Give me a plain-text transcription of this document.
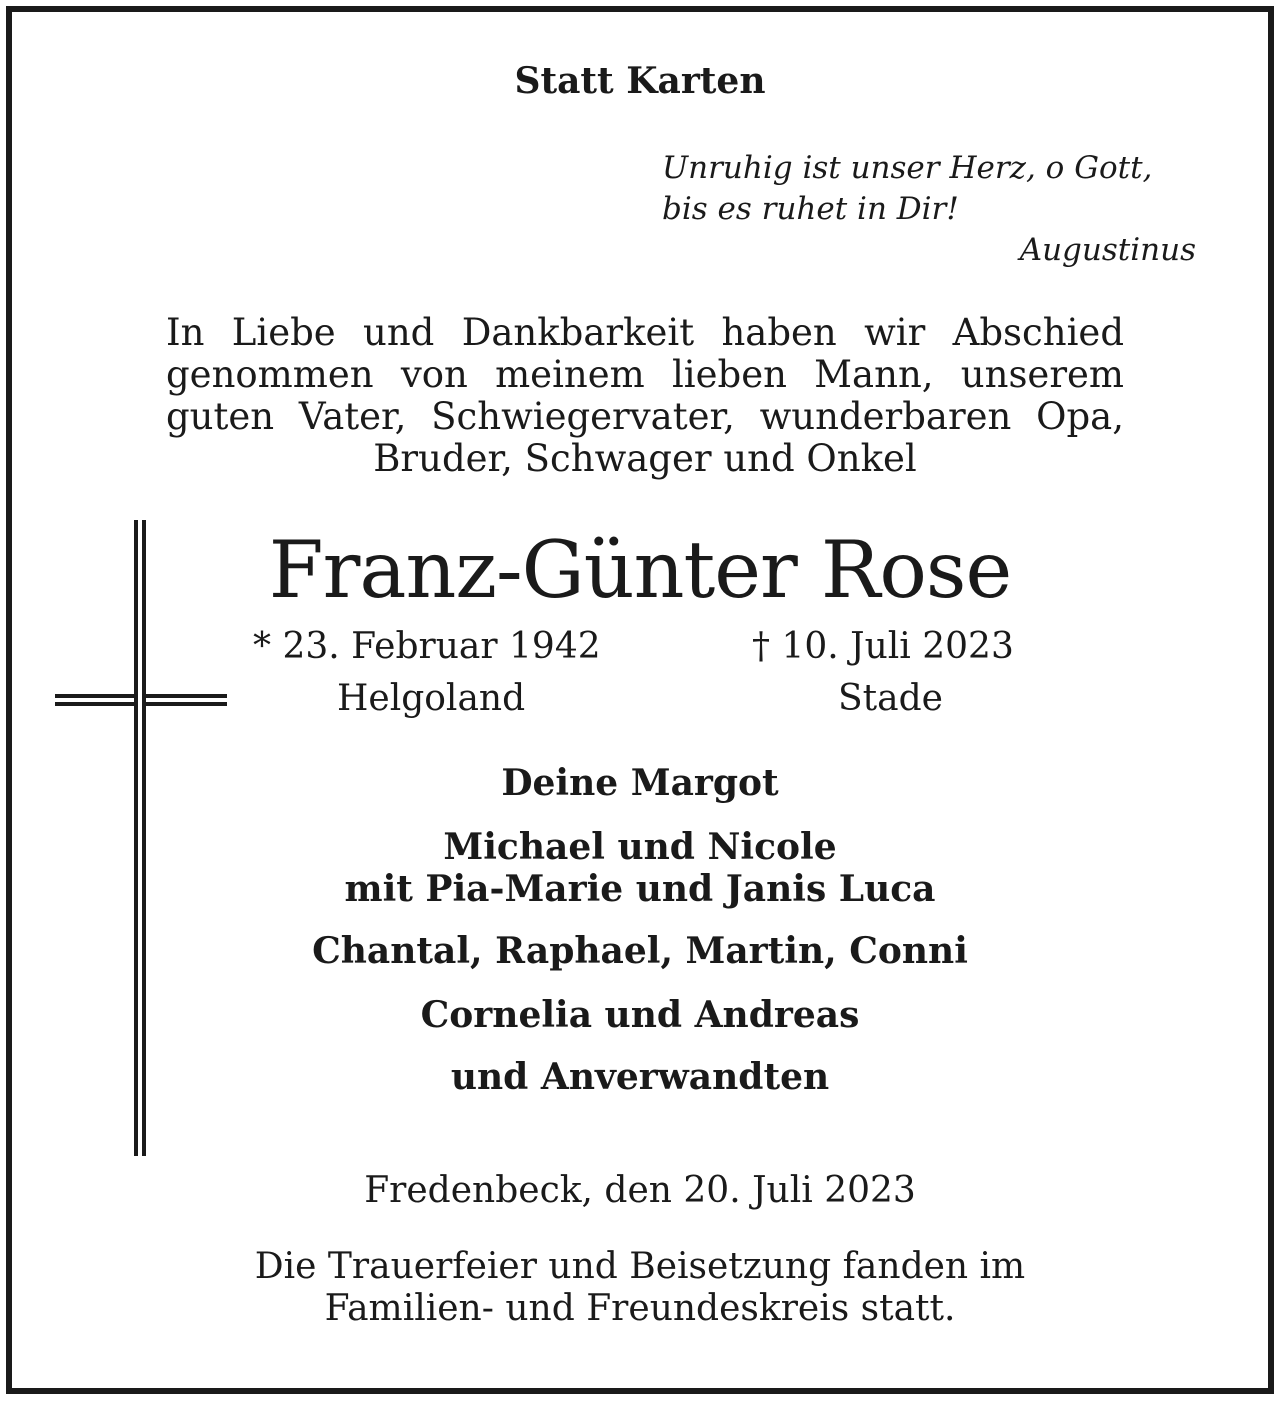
Statt Karten

Unruhig ist unser Herz, o Gott,

bis es ruhet in Dir!

Augustinus

In Liebe und Dankbarkeit haben wir Abschied
genommen von meinem lieben Mann, unserem
guten Vater, Schwiegervater, wunderbaren Opa,
Bruder, Schwager und Onkel

Franz-Günter Rose

* 23. Februar 1942

Helgoland

† 10. Juli 2023

Stade

Deine Margot

Michael und Nicole

mit Pia-Marie und Janis Luca

Chantal, Raphael, Martin, Conni

Cornelia und Andreas

und Anverwandten

Fredenbeck, den 20. Juli 2023

Die Trauerfeier und Beisetzung fanden im

Familien- und Freundeskreis statt.
